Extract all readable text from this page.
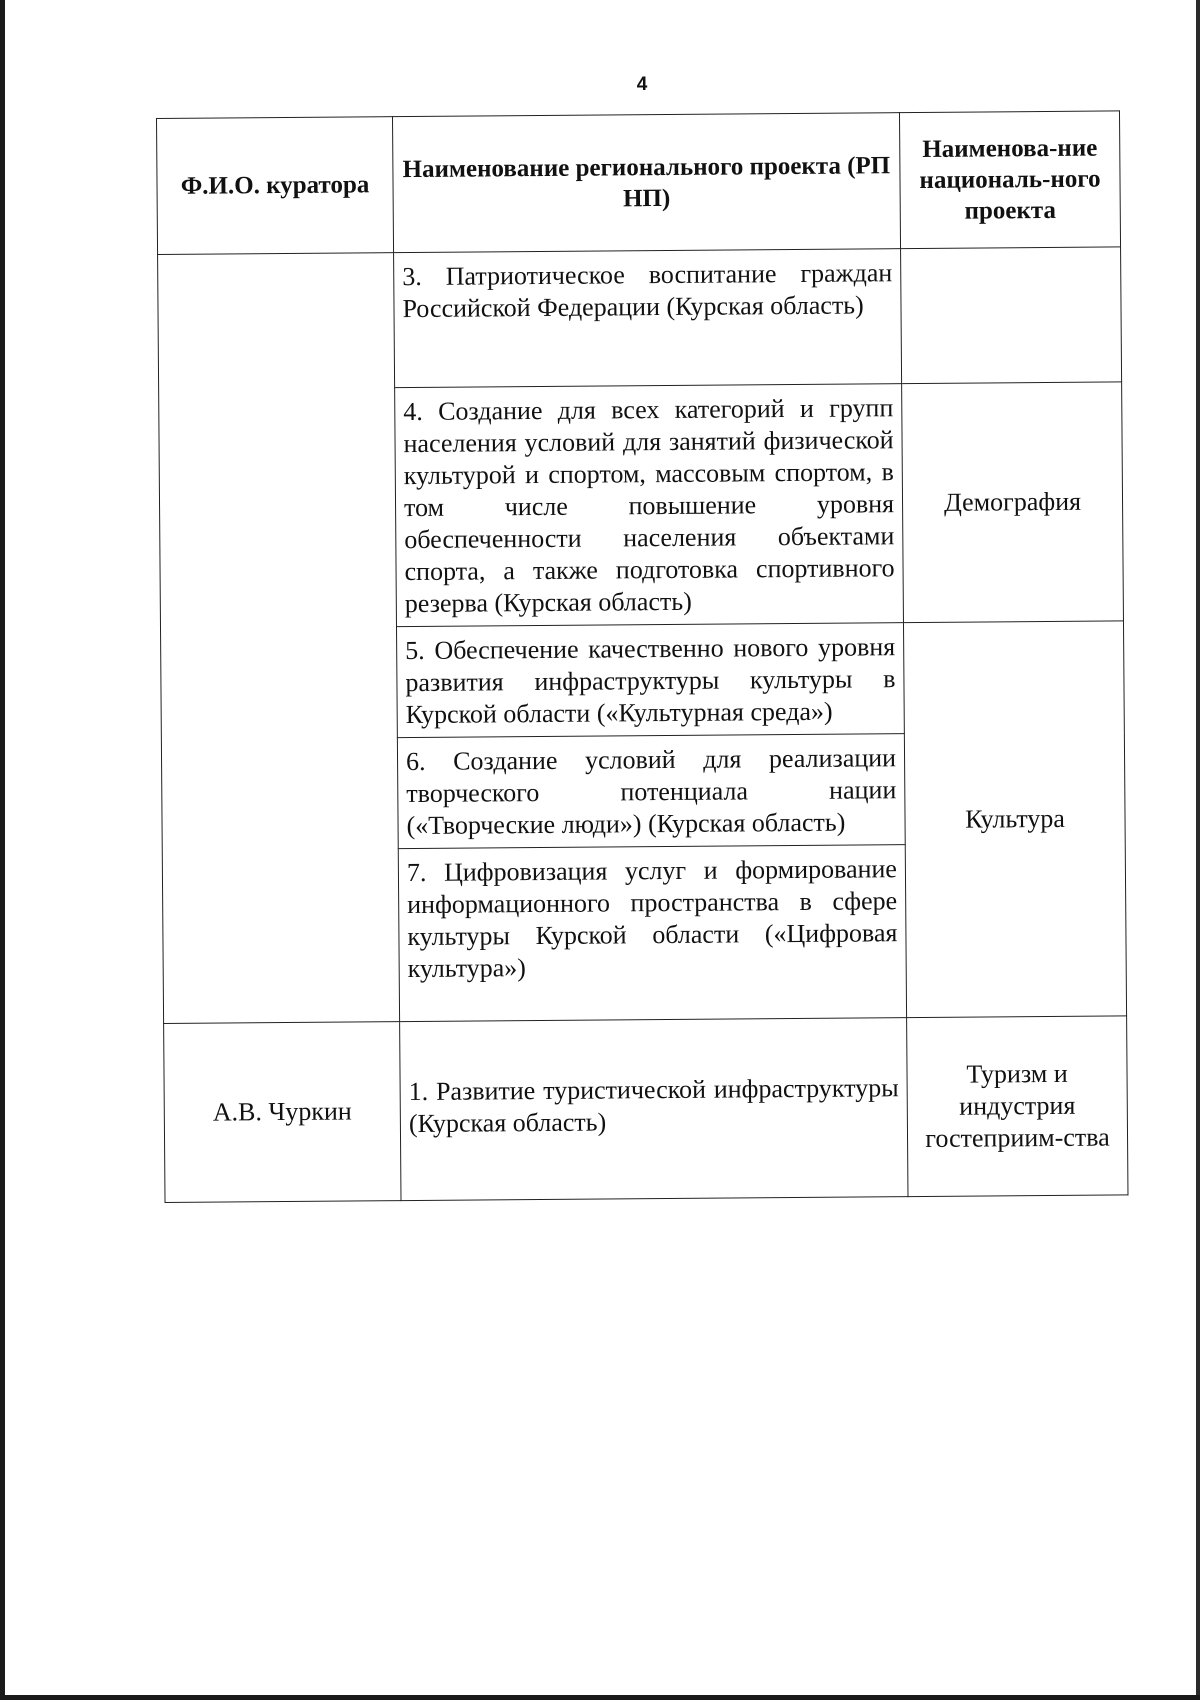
4
Ф.И.О. куратора	Наименование регионального проекта (РП НП)	Наименова-ние националь-ного проекта
	3. Патриотическое воспитание граждан Российской Федерации (Курская область)	
	4. Создание для всех категорий и групп населения условий для занятий физической культурой и спортом, массовым спортом, в том числе повышение уровня обеспеченности населения объектами спорта, а также подготовка спортивного резерва (Курская область)	Демография
	5. Обеспечение качественно нового уровня развития инфраструктуры культуры в Курской области («Культурная среда»)	Культура
	6. Создание условий для реализации творческого потенциала нации («Творческие люди») (Курская область)	
	7. Цифровизация услуг и формирование информационного пространства в сфере культуры Курской области («Цифровая культура»)	
А.В. Чуркин	1. Развитие туристической инфраструктуры (Курская область)	Туризм и индустрия гостеприим-ства
